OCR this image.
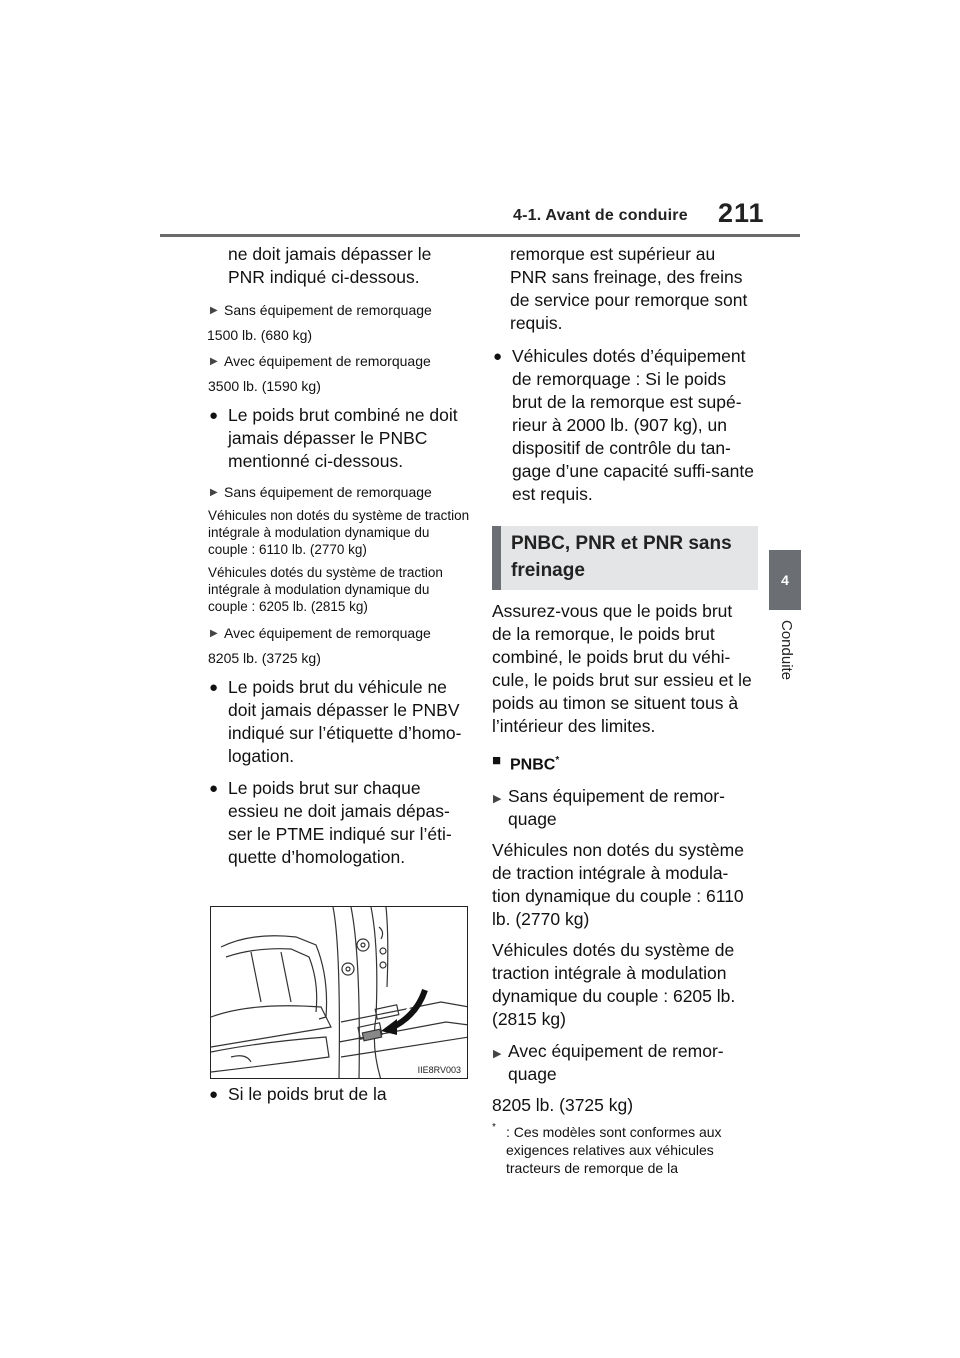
4-1. Avant de conduire 211
4
Conduite

ne doit jamais dépasser le PNR indiqué ci-dessous.

▶ Sans équipement de remorquage

1500 lb. (680 kg)

▶ Avec équipement de remorquage

3500 lb. (1590 kg)

● Le poids brut combiné ne doit jamais dépasser le PNBC mentionné ci-dessous.

▶ Sans équipement de remorquage

Véhicules non dotés du système de traction intégrale à modulation dynamique du couple : 6110 lb. (2770 kg)

Véhicules dotés du système de traction intégrale à modulation dynamique du couple : 6205 lb. (2815 kg)

▶ Avec équipement de remorquage

8205 lb. (3725 kg)

● Le poids brut du véhicule ne doit jamais dépasser le PNBV indiqué sur l’étiquette d’homo-logation.

● Le poids brut sur chaque essieu ne doit jamais dépas-ser le PTME indiqué sur l’éti-quette d’homologation.

IIE8RV003

● Si le poids brut de la

remorque est supérieur au PNR sans freinage, des freins de service pour remorque sont requis.

● Véhicules dotés d’équipement de remorquage : Si le poids brut de la remorque est supé-rieur à 2000 lb. (907 kg), un dispositif de contrôle du tan-gage d’une capacité suffi-sante est requis.

PNBC, PNR et PNR sans freinage

Assurez-vous que le poids brut de la remorque, le poids brut combiné, le poids brut du véhi-cule, le poids brut sur essieu et le poids au timon se situent tous à l’intérieur des limites.

■ PNBC*

▶ Sans équipement de remor-quage

Véhicules non dotés du système de traction intégrale à modula-tion dynamique du couple : 6110 lb. (2770 kg)

Véhicules dotés du système de traction intégrale à modulation dynamique du couple : 6205 lb. (2815 kg)

▶ Avec équipement de remor-quage

8205 lb. (3725 kg)

* : Ces modèles sont conformes aux exigences relatives aux véhicules tracteurs de remorque de la
